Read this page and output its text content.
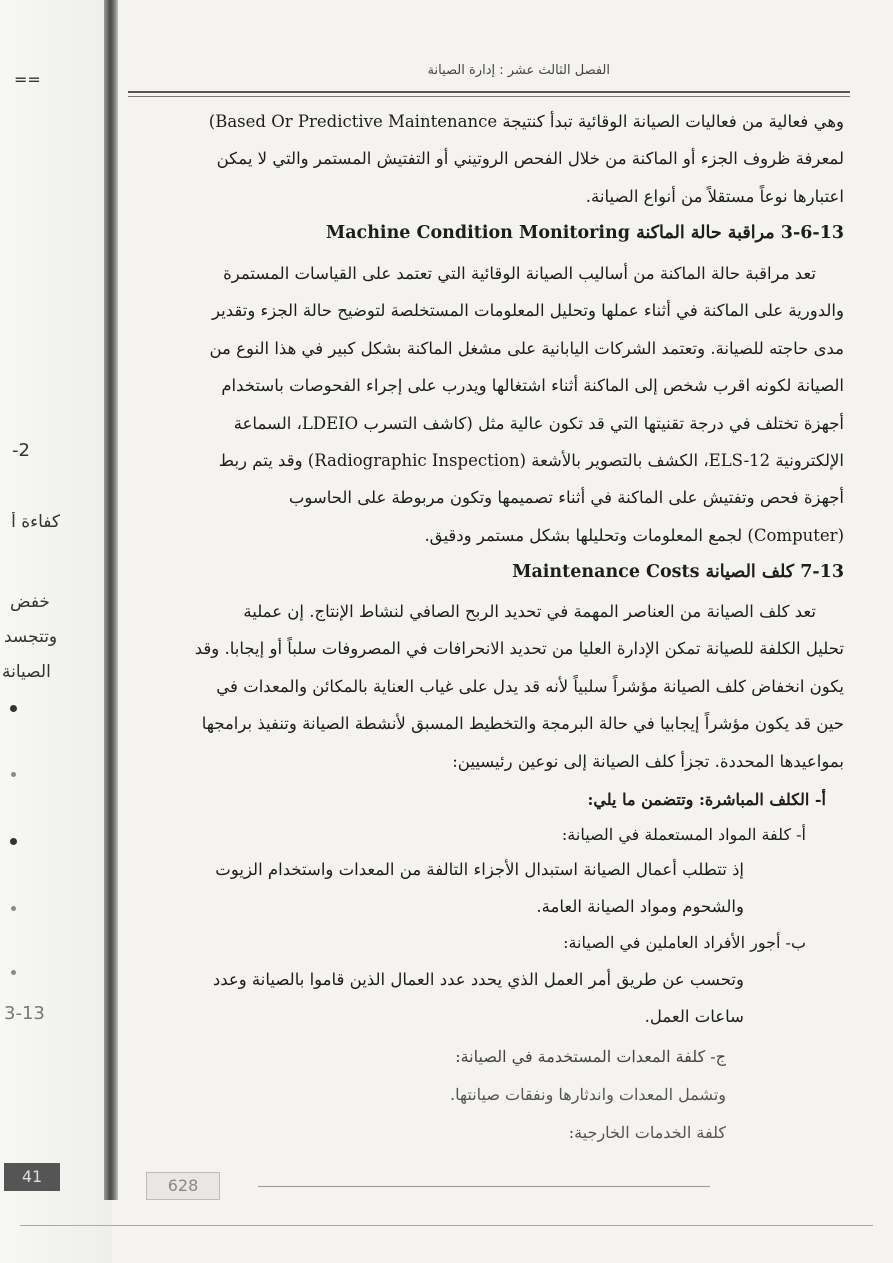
==
-2
كفاءة أ
خفض
وتتجسد
الصيانة
3-13
41
الفصل الثالث عشر : إدارة الصيانة
وهي فعالية من فعاليات الصيانة الوقائية تبدأ كنتيجة (Based Or Predictive Maintenance
لمعرفة ظروف الجزء أو الماكنة من خلال الفحص الروتيني أو التفتيش المستمر والتي لا يمكن
اعتبارها نوعاً مستقلاً من أنواع الصيانة.
3-6-13 مراقبة حالة الماكنة Machine Condition Monitoring
تعد مراقبة حالة الماكنة من أساليب الصيانة الوقائية التي تعتمد على القياسات المستمرة
والدورية على الماكنة في أثناء عملها وتحليل المعلومات المستخلصة لتوضيح حالة الجزء وتقدير
مدى حاجته للصيانة. وتعتمد الشركات اليابانية على مشغل الماكنة بشكل كبير في هذا النوع من
الصيانة لكونه اقرب شخص إلى الماكنة أثناء اشتغالها ويدرب على إجراء الفحوصات باستخدام
أجهزة تختلف في درجة تقنيتها التي قد تكون عالية مثل (كاشف التسرب LDEIO، السماعة
الإلكترونية ELS-12، الكشف بالتصوير بالأشعة (Radiographic Inspection) وقد يتم ربط
أجهزة فحص وتفتيش على الماكنة في أثناء تصميمها وتكون مربوطة على الحاسوب
(Computer) لجمع المعلومات وتحليلها بشكل مستمر ودقيق.
7-13 كلف الصيانة Maintenance Costs
تعد كلف الصيانة من العناصر المهمة في تحديد الربح الصافي لنشاط الإنتاج. إن عملية
تحليل الكلفة للصيانة تمكن الإدارة العليا من تحديد الانحرافات في المصروفات سلباً أو إيجابا. وقد
يكون انخفاض كلف الصيانة مؤشراً سلبياً لأنه قد يدل على غياب العناية بالمكائن والمعدات في
حين قد يكون مؤشراً إيجابيا في حالة البرمجة والتخطيط المسبق لأنشطة الصيانة وتنفيذ برامجها
بمواعيدها المحددة. تجزأ كلف الصيانة إلى نوعين رئيسيين:
أ- الكلف المباشرة: وتتضمن ما يلي:
أ- كلفة المواد المستعملة في الصيانة:
إذ تتطلب أعمال الصيانة استبدال الأجزاء التالفة من المعدات واستخدام الزيوت
والشحوم ومواد الصيانة العامة.
ب- أجور الأفراد العاملين في الصيانة:
وتحسب عن طريق أمر العمل الذي يحدد عدد العمال الذين قاموا بالصيانة وعدد
ساعات العمل.
ج- كلفة المعدات المستخدمة في الصيانة:
وتشمل المعدات واندثارها ونفقات صيانتها.
كلفة الخدمات الخارجية:
628
